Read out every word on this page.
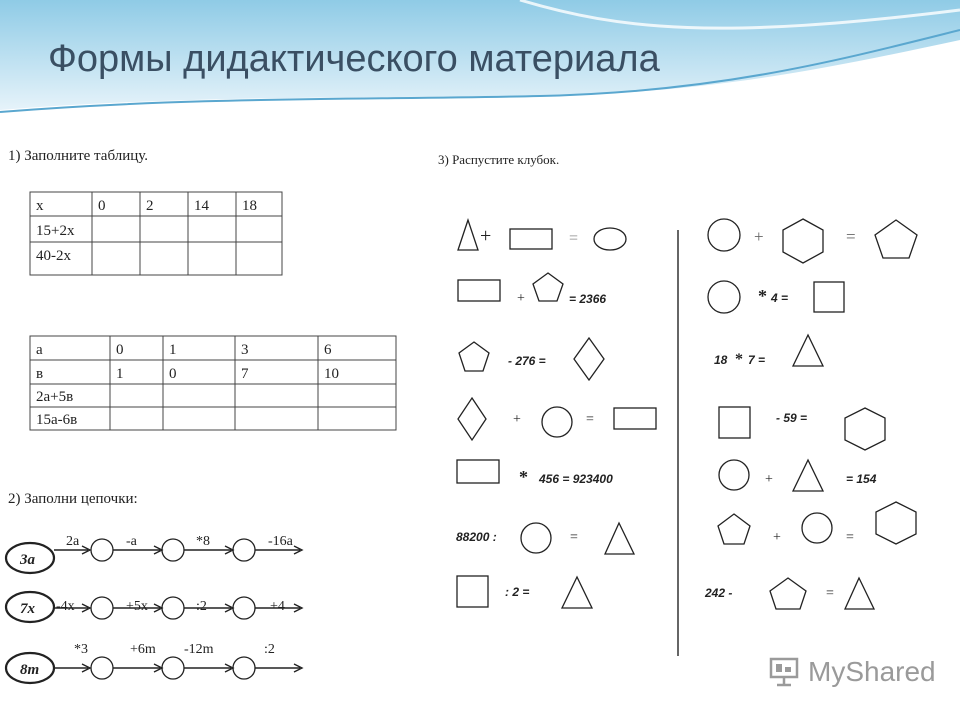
Формы дидактического материала
1) Заполните таблицу.
x	0	2	14 18
15+2x
40-2x
a	0	1	3	6
в	1	0	7	10
2a+5в
15a-6в
2) Заполни цепочки:
3a
2a	-a	*8	-16a
7x -4x	+5x	:2	+4
8m
*3	+6m -12m	:2
3) Распустите клубок.
+	=
+	= 2366
- 276 =
+	=
* 456 = 923400
88200 :	=
: 2 =
+	=
* 4 =
18 * 7 =
- 59 =
+	= 154
+	=
242 -	=
MyShared
